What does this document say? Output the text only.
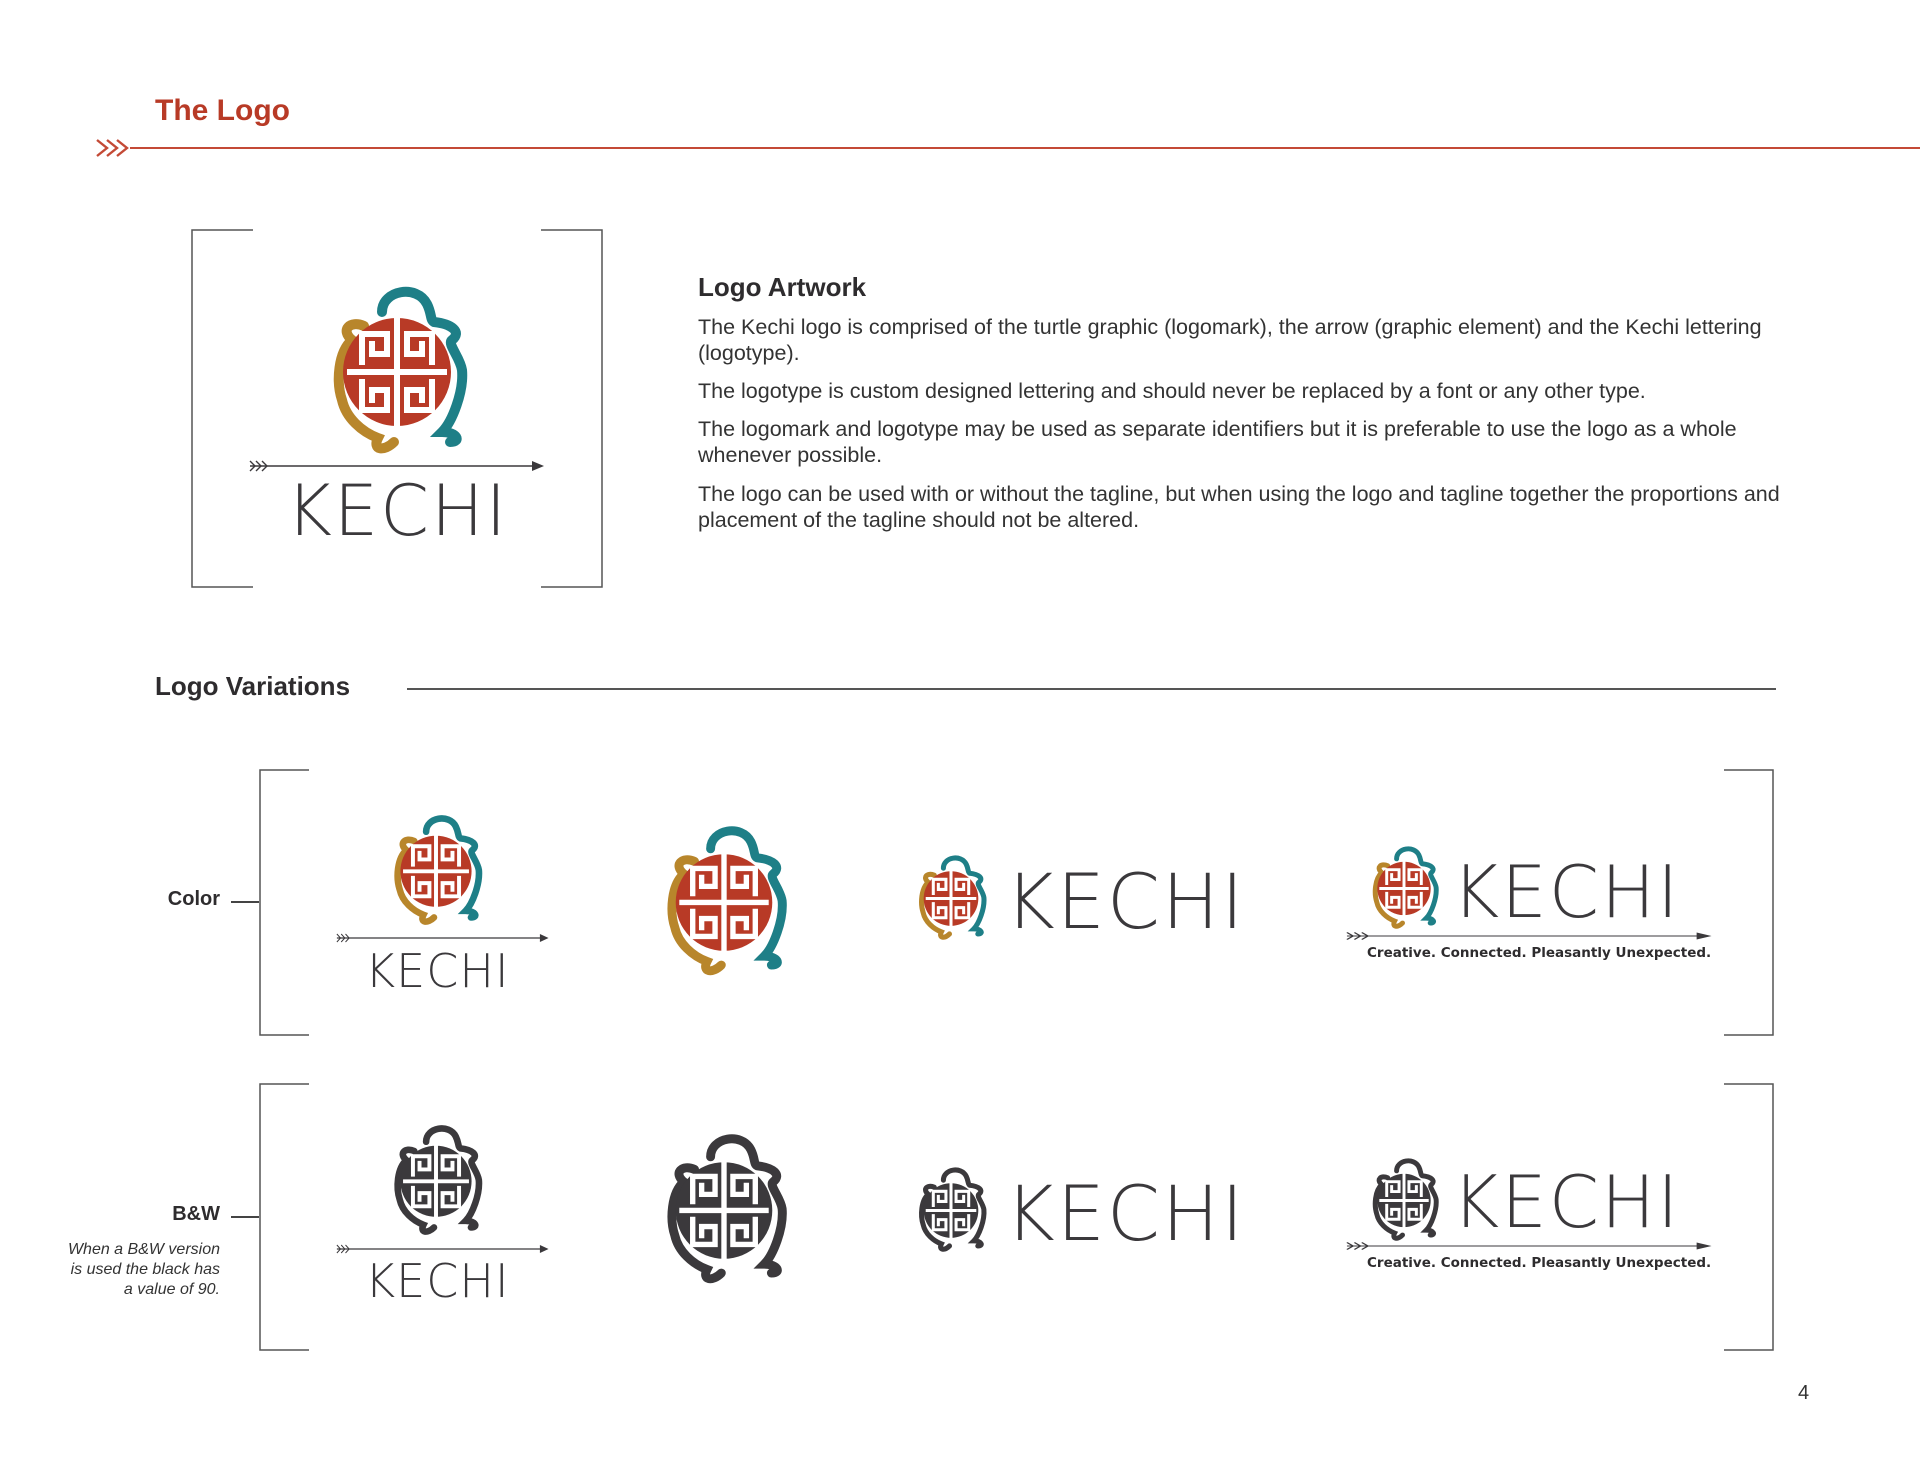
The Logo
KECHI
Logo Artwork
The Kechi logo is comprised of the turtle graphic (logomark), the arrow (graphic element) and the Kechi lettering (logotype).
The logotype is custom designed lettering and should never be replaced by a font or any other type.
The logomark and logotype may be used as separate identifiers but it is preferable to use the logo as a whole whenever possible.
The logo can be used with or without the tagline, but when using the logo and tagline together the proportions and placement of the tagline should not be altered.
Logo Variations
Color
KECHI
KECHI	KECHI
Creative. Connected. Pleasantly Unexpected.
B&W
When a B&W version is used the black has a value of 90.	KECHI
KECHI	KECHI
Creative. Connected. Pleasantly Unexpected.
4
